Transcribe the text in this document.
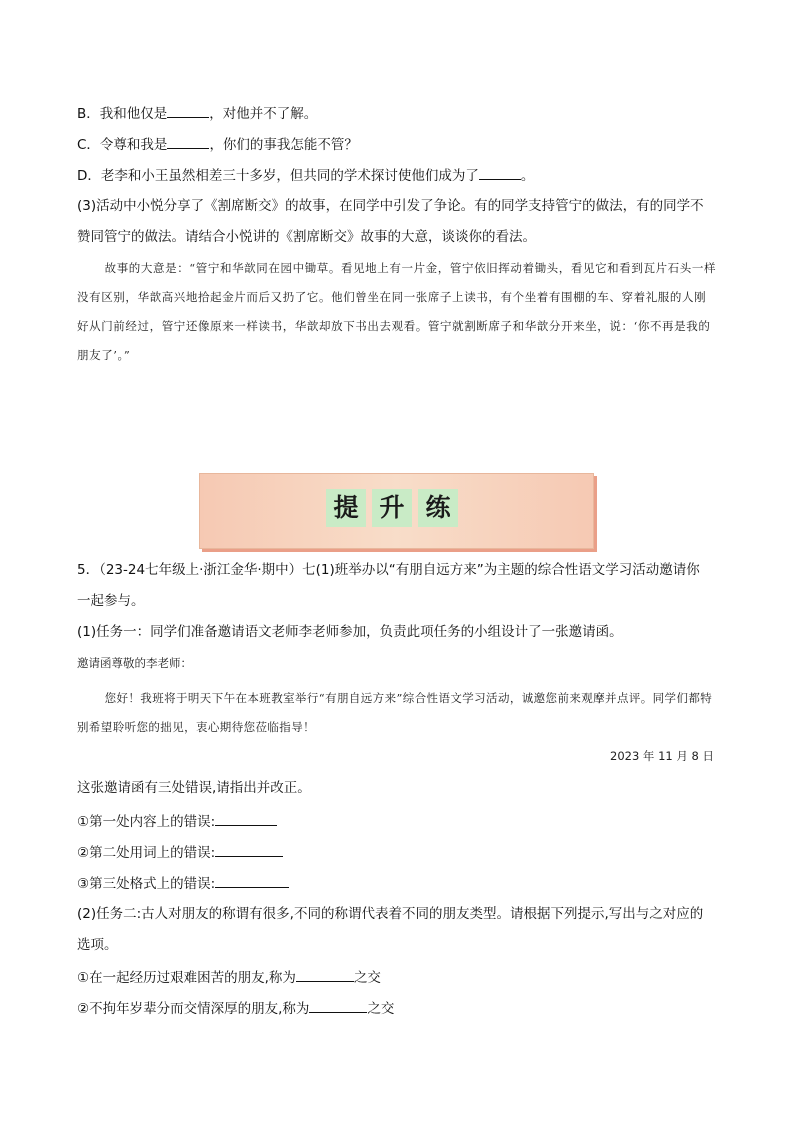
B．我和他仅是	，对他并不了解。
C．令尊和我是	，你们的事我怎能不管？
D．老李和小王虽然相差三十多岁，但共同的学术探讨使他们成为了	。
(3)活动中小悦分享了《割席断交》的故事，在同学中引发了争论。有的同学支持管宁的做法，有的同学不
赞同管宁的做法。请结合小悦讲的《割席断交》故事的大意，谈谈你的看法。

故事的大意是：“管宁和华歆同在园中锄草。看见地上有一片金，管宁依旧挥动着锄头，看见它和看到瓦片石头一样没有区别，华歆高兴地拾起金片而后又扔了它。他们曾坐在同一张席子上读书，有个坐着有围棚的车、穿着礼服的人刚好从门前经过，管宁还像原来一样读书，华歆却放下书出去观看。管宁就割断席子和华歆分开来坐，说：‘你不再是我的朋友了’。”

提 升 练
5．（23-24七年级上·浙江金华·期中）七(1)班举办以“有朋自远方来”为主题的综合性语文学习活动邀请你
一起参与。
(1)任务一：同学们准备邀请语文老师李老师参加，负责此项任务的小组设计了一张邀请函。
邀请函尊敬的李老师：

您好！我班将于明天下午在本班教室举行“有朋自远方来”综合性语文学习活动，诚邀您前来观摩并点评。同学们都特别希望聆听您的拙见，衷心期待您莅临指导！

2023 年 11 月 8 日
这张邀请函有三处错误,请指出并改正。
①第一处内容上的错误:
②第二处用词上的错误:
③第三处格式上的错误:
(2)任务二:古人对朋友的称谓有很多,不同的称谓代表着不同的朋友类型。请根据下列提示,写出与之对应的
选项。
①在一起经历过艰难困苦的朋友,称为	之交
②不拘年岁辈分而交情深厚的朋友,称为	之交
